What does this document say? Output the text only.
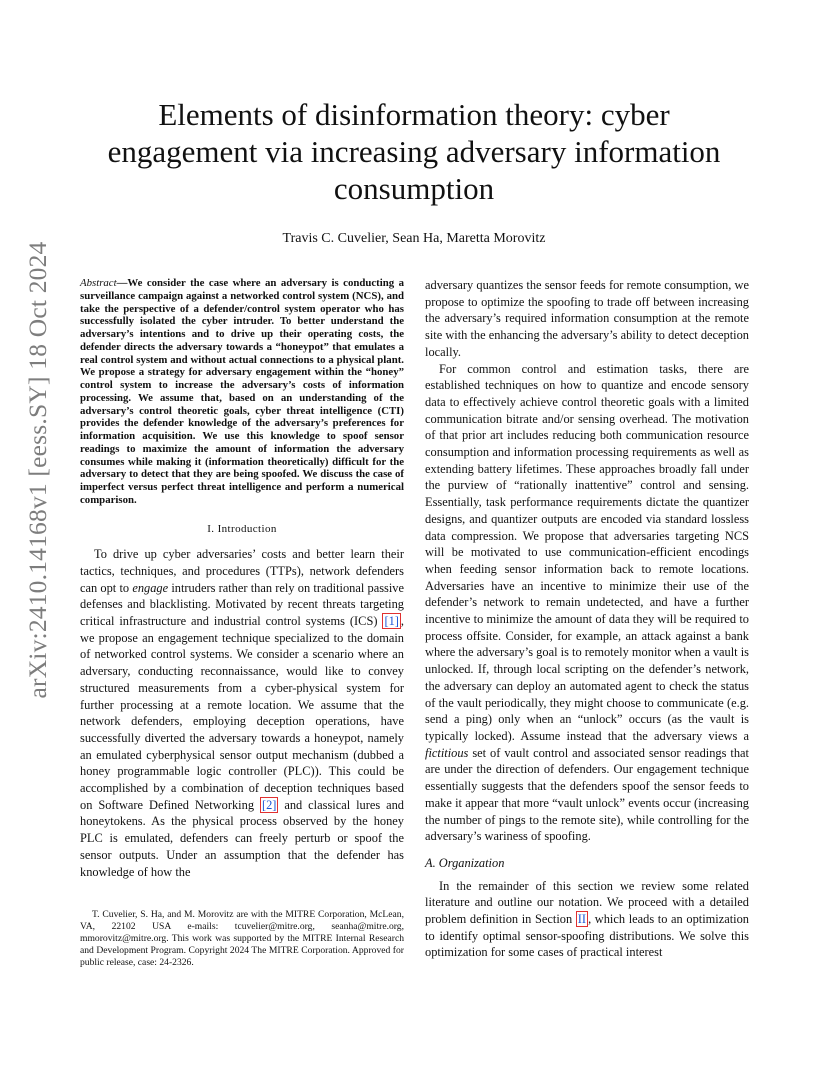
arXiv:2410.14168v1 [eess.SY] 18 Oct 2024
Elements of disinformation theory: cyber engagement via increasing adversary information consumption
Travis C. Cuvelier, Sean Ha, Maretta Morovitz

Abstract—We consider the case where an adversary is conducting a surveillance campaign against a networked control system (NCS), and take the perspective of a defender/control system operator who has successfully isolated the cyber intruder. To better understand the adversary’s intentions and to drive up their operating costs, the defender directs the adversary towards a “honeypot” that emulates a real control system and without actual connections to a physical plant. We propose a strategy for adversary engagement within the “honey” control system to increase the adversary’s costs of information processing. We assume that, based on an understanding of the adversary’s control theoretic goals, cyber threat intelligence (CTI) provides the defender knowledge of the adversary’s preferences for information acquisition. We use this knowledge to spoof sensor readings to maximize the amount of information the adversary consumes while making it (information theoretically) difficult for the adversary to detect that they are being spoofed. We discuss the case of imperfect versus perfect threat intelligence and perform a numerical comparison.

I. Introduction

To drive up cyber adversaries’ costs and better learn their tactics, techniques, and procedures (TTPs), network defenders can opt to engage intruders rather than rely on traditional passive defenses and blacklisting. Motivated by recent threats targeting critical infrastructure and industrial control systems (ICS) [1] , we propose an engagement technique specialized to the domain of networked control systems. We consider a scenario where an adversary, conducting reconnaissance, would like to convey structured measurements from a cyber-physical system for further processing at a remote location. We assume that the network defenders, employing deception operations, have successfully diverted the adversary towards a honeypot, namely an emulated cyberphysical sensor output mechanism (dubbed a honey programmable logic controller (PLC)). This could be accomplished by a combination of deception techniques based on Software Defined Networking [2] and classical lures and honeytokens. As the physical process observed by the honey PLC is emulated, defenders can freely perturb or spoof the sensor outputs. Under an assumption that the defender has knowledge of how the

adversary quantizes the sensor feeds for remote consumption, we propose to optimize the spoofing to trade off between increasing the adversary’s required information consumption at the remote site with the enhancing the adversary’s ability to detect deception locally.

For common control and estimation tasks, there are established techniques on how to quantize and encode sensory data to effectively achieve control theoretic goals with a limited communication bitrate and/or sensing overhead. The motivation of that prior art includes reducing both communication resource consumption and information processing requirements as well as extending battery lifetimes. These approaches broadly fall under the purview of “rationally inattentive” control and sensing. Essentially, task performance requirements dictate the quantizer designs, and quantizer outputs are encoded via standard lossless data compression. We propose that adversaries targeting NCS will be motivated to use communication-efficient encodings when feeding sensor information back to remote locations. Adversaries have an incentive to minimize their use of the defender’s network to remain undetected, and have a further incentive to minimize the amount of data they will be required to process offsite. Consider, for example, an attack against a bank where the adversary’s goal is to remotely monitor when a vault is unlocked. If, through local scripting on the defender’s network, the adversary can deploy an automated agent to check the status of the vault periodically, they might choose to communicate (e.g. send a ping) only when an “unlock” occurs (as the vault is typically locked). Assume instead that the adversary views a fictitious set of vault control and associated sensor readings that are under the direction of defenders. Our engagement technique essentially suggests that the defenders spoof the sensor feeds to make it appear that more “vault unlock” events occur (increasing the number of pings to the remote site), while controlling for the adversary’s wariness of spoofing.

A. Organization

In the remainder of this section we review some related literature and outline our notation. We proceed with a detailed problem definition in Section II , which leads to an optimization to identify optimal sensor-spoofing distributions. We solve this optimization for some cases of practical interest

T. Cuvelier, S. Ha, and M. Morovitz are with the MITRE Corporation, McLean, VA, 22102 USA e-mails: tcuvelier@mitre.org, seanha@mitre.org, mmorovitz@mitre.org. This work was supported by the MITRE Internal Research and Development Program. Copyright 2024 The MITRE Corporation. Approved for public release, case: 24-2326.
